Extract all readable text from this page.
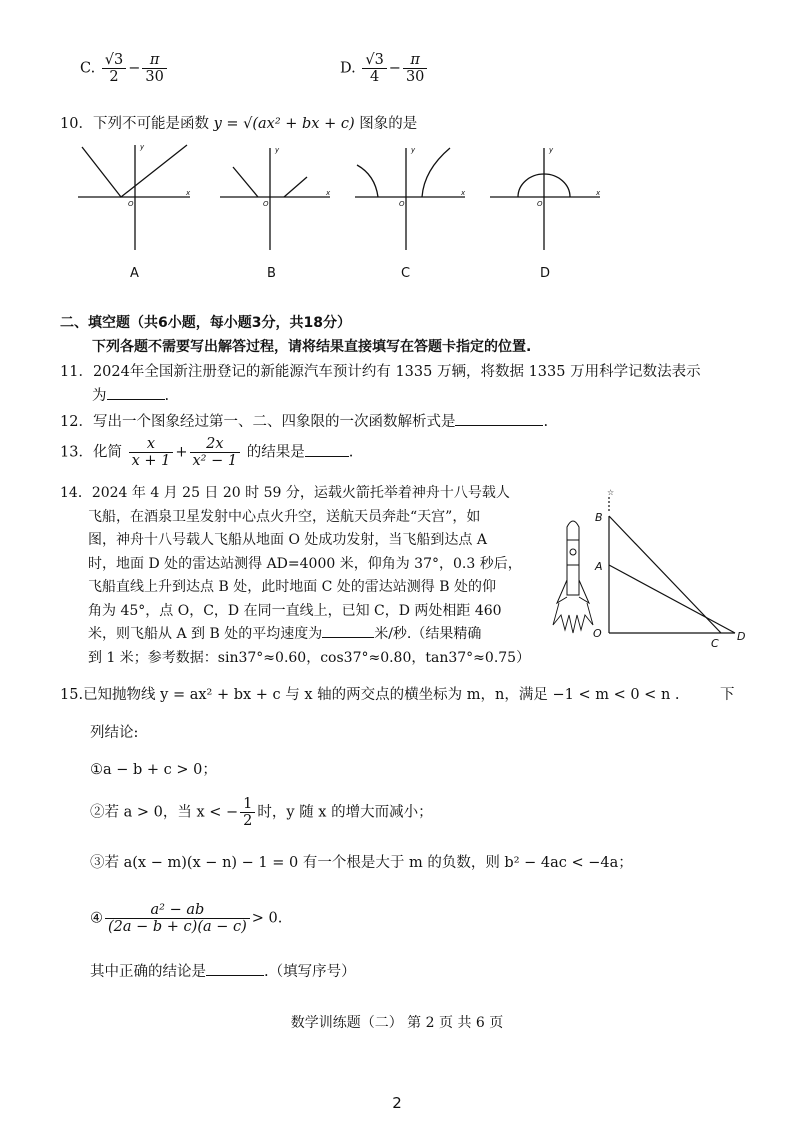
C. $\frac{√3}{2} - \frac{\pi}{30}$	D. $\frac{√3}{4} - \frac{\pi}{30}$
10．下列不可能是函数 y = √(ax² + bx + c) 图象的是
y
x
O
y
x
O
y
x
O
y
x
O
A	B	C	D
二、填空题（共6小题，每小题3分，共18分）
下列各题不需要写出解答过程，请将结果直接填写在答题卡指定的位置.
11．2024年全国新注册登记的新能源汽车预计约有 1335 万辆，将数据 1335 万用科学记数法表示
为	.
12．写出一个图象经过第一、二、四象限的一次函数解析式是	.
13．化简 $\frac{x}{x + 1} + \frac{2x}{\text{x² − 1}}$ 的结果是	.
14．2024 年 4 月 25 日 20 时 59 分，运载火箭托举着神舟十八号载人
飞船，在酒泉卫星发射中心点火升空，送航天员奔赴“天宫”，如
图，神舟十八号载人飞船从地面 O 处成功发射，当飞船到达点 A
时，地面 D 处的雷达站测得 AD=4000 米，仰角为 37°，0.3 秒后，
飞船直线上升到达点 B 处，此时地面 C 处的雷达站测得 B 处的仰
角为 45°，点 O，C，D 在同一直线上，已知 C，D 两处相距 460
米，则飞船从 A 到 B 处的平均速度为	米/秒.（结果精确
到 1 米；参考数据：sin37°≈0.60，cos37°≈0.80，tan37°≈0.75）
☆
B
A
O
C
D
15.已知抛物线 y = ax² + bx + c 与 x 轴的两交点的横坐标为 m，n，满足 −1 < m < 0 < n .	下
列结论:
①a − b + c > 0；
②若 a > 0，当 x < − $\frac{1}{2}$ 时，y 随 x 的增大而减小；
③若 a(x − m)(x − n) − 1 = 0 有一个根是大于 m 的负数，则 b² − 4ac < −4a；
④ $\frac{\text{a² − ab}}{(2a - b + c)(a - c)} > 0$.
其中正确的结论是	.（填写序号）
数学训练题（二） 第 2 页 共 6 页
2
